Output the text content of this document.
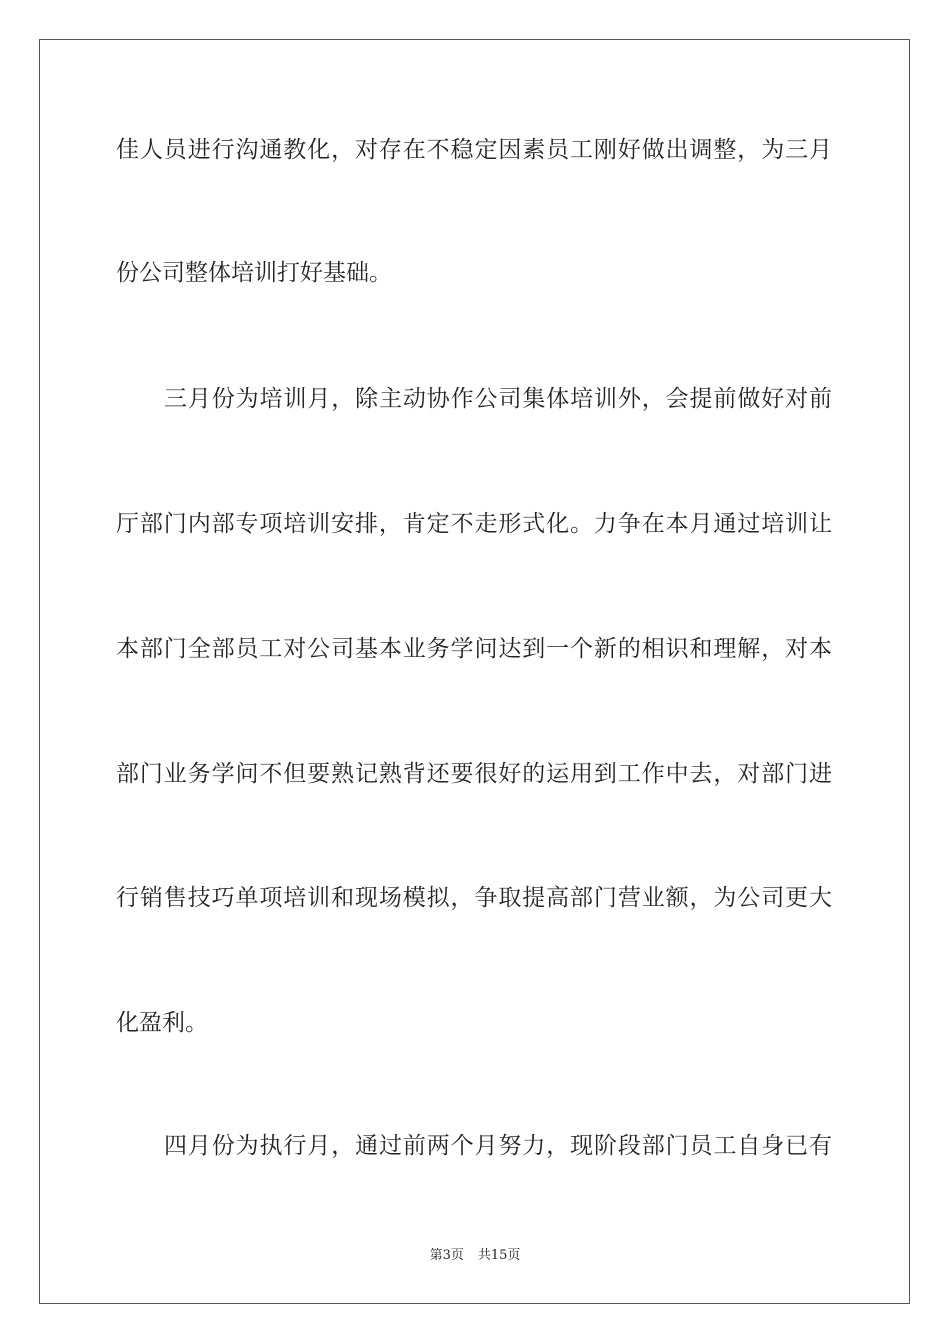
佳人员进行沟通教化，对存在不稳定因素员工刚好做出调整，为三月
份公司整体培训打好基础。
三月份为培训月，除主动协作公司集体培训外，会提前做好对前
厅部门内部专项培训安排，肯定不走形式化。力争在本月通过培训让
本部门全部员工对公司基本业务学问达到一个新的相识和理解，对本
部门业务学问不但要熟记熟背还要很好的运用到工作中去，对部门进
行销售技巧单项培训和现场模拟，争取提高部门营业额，为公司更大
化盈利。
四月份为执行月，通过前两个月努力，现阶段部门员工自身已有
第3页 共15页
